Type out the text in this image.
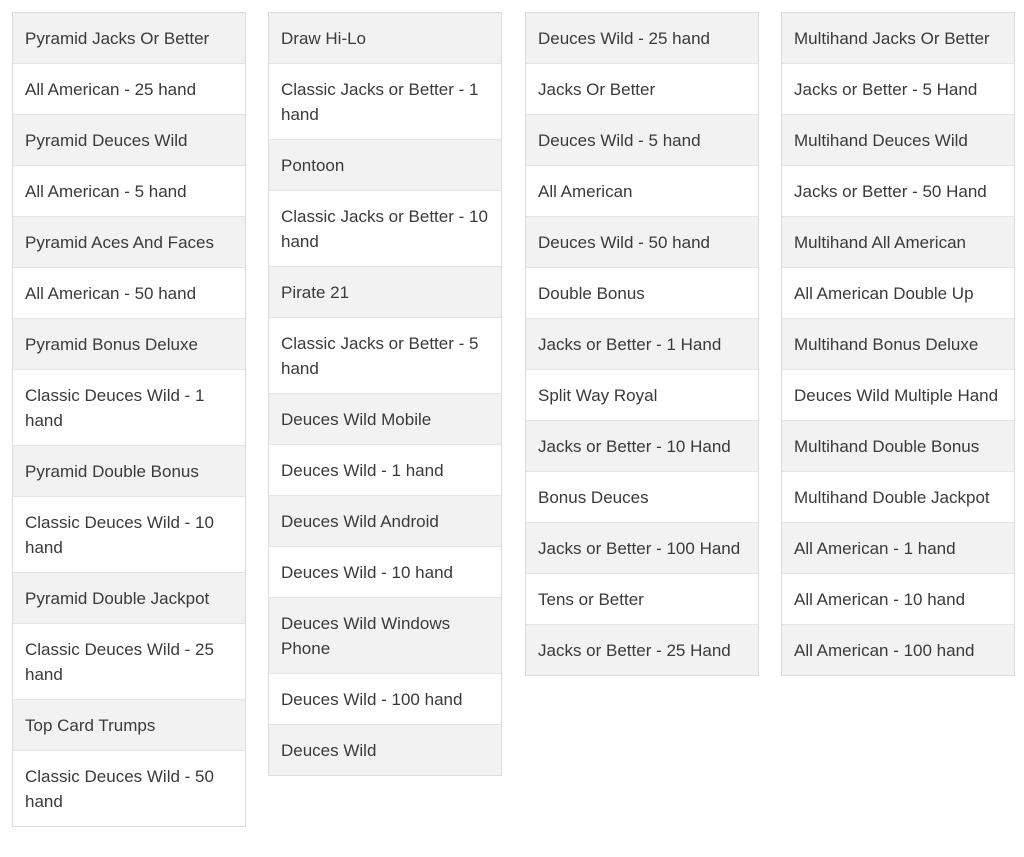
Pyramid Jacks Or Better
All American - 25 hand
Pyramid Deuces Wild
All American - 5 hand
Pyramid Aces And Faces
All American - 50 hand
Pyramid Bonus Deluxe
Classic Deuces Wild - 1 hand
Pyramid Double Bonus
Classic Deuces Wild - 10 hand
Pyramid Double Jackpot
Classic Deuces Wild - 25 hand
Top Card Trumps
Classic Deuces Wild - 50 hand
Draw Hi-Lo
Classic Jacks or Better - 1 hand
Pontoon
Classic Jacks or Better - 10 hand
Pirate 21
Classic Jacks or Better - 5 hand
Deuces Wild Mobile
Deuces Wild - 1 hand
Deuces Wild Android
Deuces Wild - 10 hand
Deuces Wild Windows Phone
Deuces Wild - 100 hand
Deuces Wild
Deuces Wild - 25 hand
Jacks Or Better
Deuces Wild - 5 hand
All American
Deuces Wild - 50 hand
Double Bonus
Jacks or Better - 1 Hand
Split Way Royal
Jacks or Better - 10 Hand
Bonus Deuces
Jacks or Better - 100 Hand
Tens or Better
Jacks or Better - 25 Hand
Multihand Jacks Or Better
Jacks or Better - 5 Hand
Multihand Deuces Wild
Jacks or Better - 50 Hand
Multihand All American
All American Double Up
Multihand Bonus Deluxe
Deuces Wild Multiple Hand
Multihand Double Bonus
Multihand Double Jackpot
All American - 1 hand
All American - 10 hand
All American - 100 hand
